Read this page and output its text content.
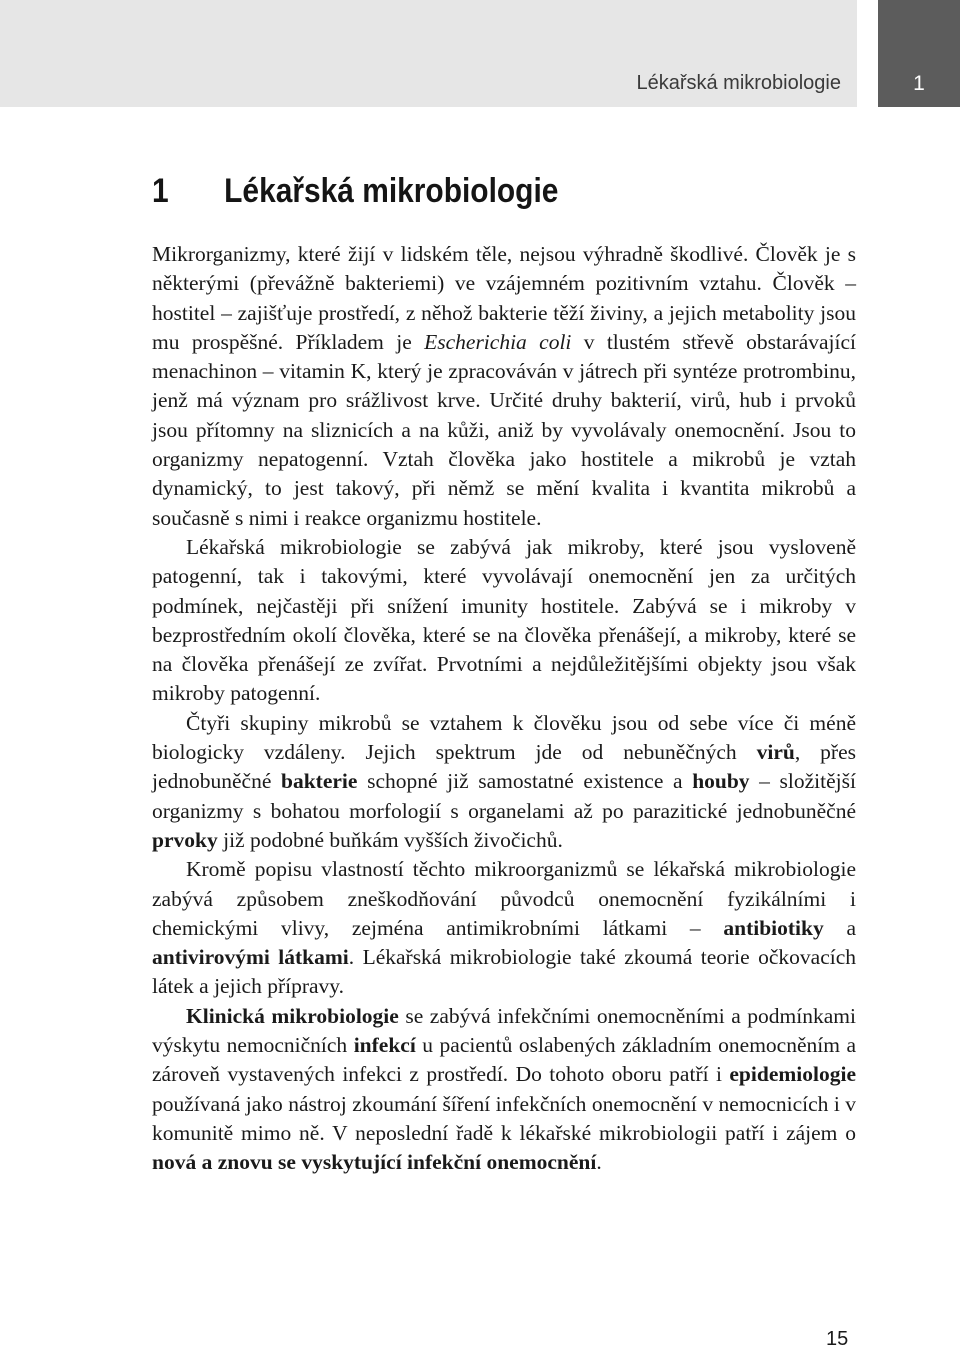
Lékařská mikrobiologie	1
1 Lékařská mikrobiologie

Mikrorganizmy, které žijí v lidském těle, nejsou výhradně škodlivé. Člověk je s některými (převážně bakteriemi) ve vzájemném pozitivním vztahu. Člověk – hostitel – zajišťuje prostředí, z něhož bakterie těží živiny, a jejich metabolity jsou mu prospěšné. Příkladem je Escherichia coli v tlustém střevě obstarávající menachinon – vitamin K, který je zpracováván v játrech při syntéze protrombinu, jenž má význam pro srážlivost krve. Určité druhy bakterií, virů, hub i prvoků jsou přítomny na sliznicích a na kůži, aniž by vyvolávaly onemocnění. Jsou to organizmy nepatogenní. Vztah člověka jako hostitele a mikrobů je vztah dynamický, to jest takový, při němž se mění kvalita i kvantita mikrobů a současně s nimi i reakce organizmu hostitele.

Lékařská mikrobiologie se zabývá jak mikroby, které jsou vysloveně patogenní, tak i takovými, které vyvolávají onemocnění jen za určitých podmínek, nejčastěji při snížení imunity hostitele. Zabývá se i mikroby v bezprostředním okolí člověka, které se na člověka přenášejí, a mikroby, které se na člověka přenášejí ze zvířat. Prvotními a nejdůležitějšími objekty jsou však mikroby patogenní.

Čtyři skupiny mikrobů se vztahem k člověku jsou od sebe více či méně biologicky vzdáleny. Jejich spektrum jde od nebuněčných virů, přes jednobuněčné bakterie schopné již samostatné existence a houby – složitější organizmy s bohatou morfologií s organelami až po parazitické jednobuněčné prvoky již podobné buňkám vyšších živočichů.

Kromě popisu vlastností těchto mikroorganizmů se lékařská mikrobiologie zabývá způsobem zneškodňování původců onemocnění fyzikálními i chemickými vlivy, zejména antimikrobními látkami – antibiotiky a antivirovými látkami. Lékařská mikrobiologie také zkoumá teorie očkovacích látek a jejich přípravy.

Klinická mikrobiologie se zabývá infekčními onemocněními a podmínkami výskytu nemocničních infekcí u pacientů oslabených základním onemocněním a zároveň vystavených infekci z prostředí. Do tohoto oboru patří i epidemiologie používaná jako nástroj zkoumání šíření infekčních onemocnění v nemocnicích i v komunitě mimo ně. V neposlední řadě k lékařské mikrobiologii patří i zájem o nová a znovu se vyskytující infekční onemocnění.

15
